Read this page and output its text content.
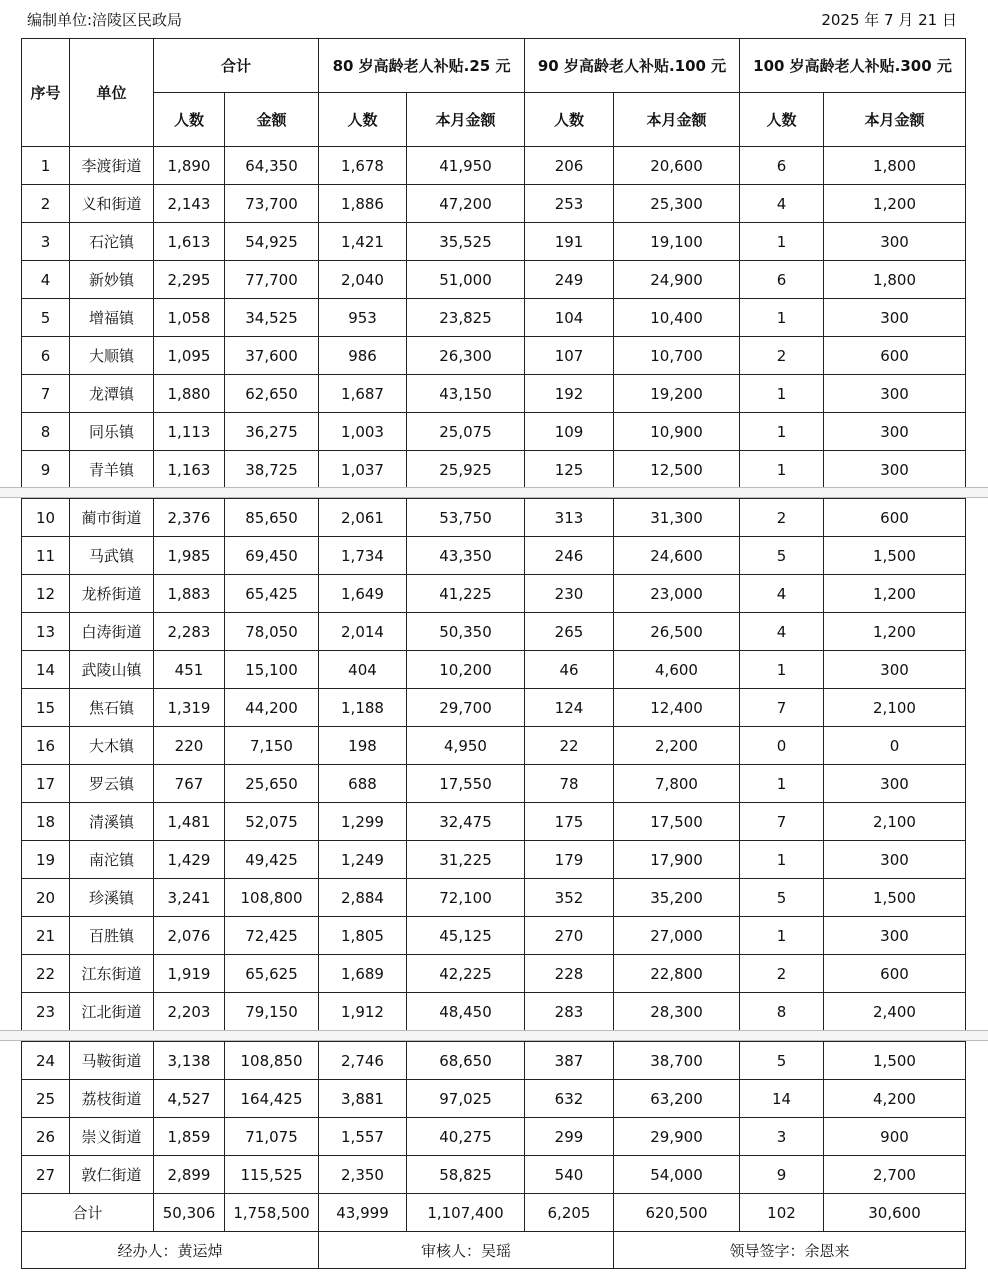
编制单位:涪陵区民政局	2025 年 7 月 21 日
序号	单位	合计		80 岁高龄老人补贴.25 元		90 岁高龄老人补贴.100 元		100 岁高龄老人补贴.300 元	
		人数	金额	人数	本月金额	人数	本月金额	人数	本月金额
1	李渡街道	1,890	64,350	1,678	41,950	206	20,600	6	1,800
2	义和街道	2,143	73,700	1,886	47,200	253	25,300	4	1,200
3	石沱镇	1,613	54,925	1,421	35,525	191	19,100	1	300
4	新妙镇	2,295	77,700	2,040	51,000	249	24,900	6	1,800
5	增福镇	1,058	34,525	953	23,825	104	10,400	1	300
6	大顺镇	1,095	37,600	986	26,300	107	10,700	2	600
7	龙潭镇	1,880	62,650	1,687	43,150	192	19,200	1	300
8	同乐镇	1,113	36,275	1,003	25,075	109	10,900	1	300
9	青羊镇	1,163	38,725	1,037	25,925	125	12,500	1	300
10	蔺市街道	2,376	85,650	2,061	53,750	313	31,300	2	600
11	马武镇	1,985	69,450	1,734	43,350	246	24,600	5	1,500
12	龙桥街道	1,883	65,425	1,649	41,225	230	23,000	4	1,200
13	白涛街道	2,283	78,050	2,014	50,350	265	26,500	4	1,200
14	武陵山镇	451	15,100	404	10,200	46	4,600	1	300
15	焦石镇	1,319	44,200	1,188	29,700	124	12,400	7	2,100
16	大木镇	220	7,150	198	4,950	22	2,200	0	0
17	罗云镇	767	25,650	688	17,550	78	7,800	1	300
18	清溪镇	1,481	52,075	1,299	32,475	175	17,500	7	2,100
19	南沱镇	1,429	49,425	1,249	31,225	179	17,900	1	300
20	珍溪镇	3,241	108,800	2,884	72,100	352	35,200	5	1,500
21	百胜镇	2,076	72,425	1,805	45,125	270	27,000	1	300
22	江东街道	1,919	65,625	1,689	42,225	228	22,800	2	600
23	江北街道	2,203	79,150	1,912	48,450	283	28,300	8	2,400
24	马鞍街道	3,138	108,850	2,746	68,650	387	38,700	5	1,500
25	荔枝街道	4,527	164,425	3,881	97,025	632	63,200	14	4,200
26	崇义街道	1,859	71,075	1,557	40,275	299	29,900	3	900
27	敦仁街道	2,899	115,525	2,350	58,825	540	54,000	9	2,700
合计		50,306	1,758,500	43,999	1,107,400	6,205	620,500	102	30,600
经办人：黄运焯				审核人：吴瑶			领导签字：余恩来		
